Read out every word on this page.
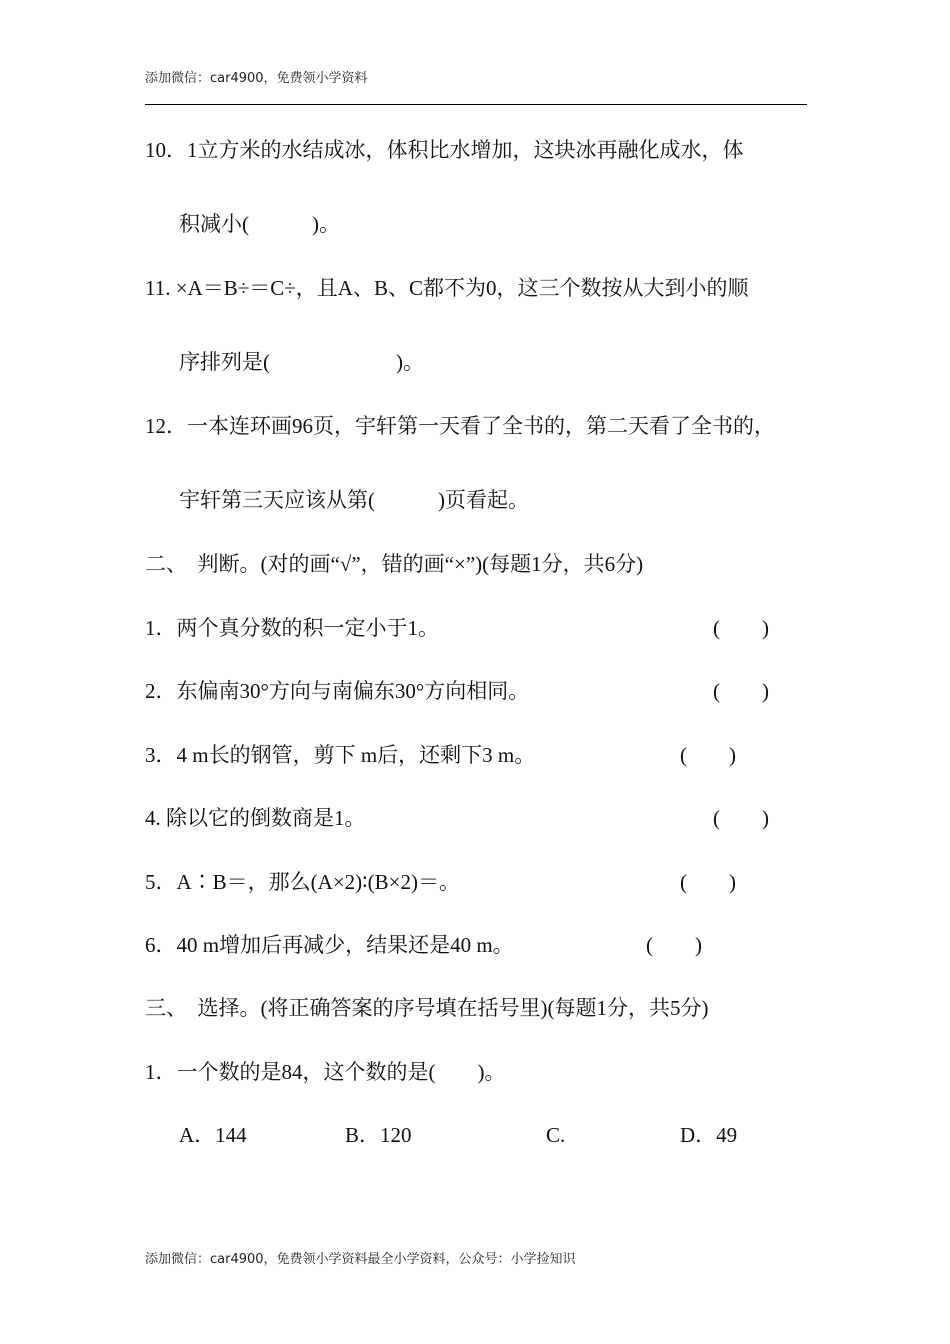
添加微信：car4900，免费领小学资料
10．1立方米的水结成冰，体积比水增加，这块冰再融化成水，体
积减小(　　　)。
11. ×A＝B÷＝C÷，且A、B、C都不为0，这三个数按从大到小的顺
序排列是(　　　　　　)。
12．一本连环画96页，宇轩第一天看了全书的，第二天看了全书的，
宇轩第三天应该从第(　　　)页看起。
二、　判断。(对的画“√”，错的画“×”)(每题1分，共6分)
1．两个真分数的积一定小于1。	(　　)
2．东偏南30°方向与南偏东30°方向相同。	(　　)
3．4 m长的钢管，剪下 m后，还剩下3 m。	(　　)
4. 除以它的倒数商是1。	(　　)
5．A∶B＝，那么(A×2)∶(B×2)＝。	(　　)
6．40 m增加后再减少，结果还是40 m。	(　　)
三、　选择。(将正确答案的序号填在括号里)(每题1分，共5分)
1．一个数的是84，这个数的是(　　)。
A．144	B．120	C.	D．49
添加微信：car4900，免费领小学资料最全小学资料，公众号：小学捡知识
